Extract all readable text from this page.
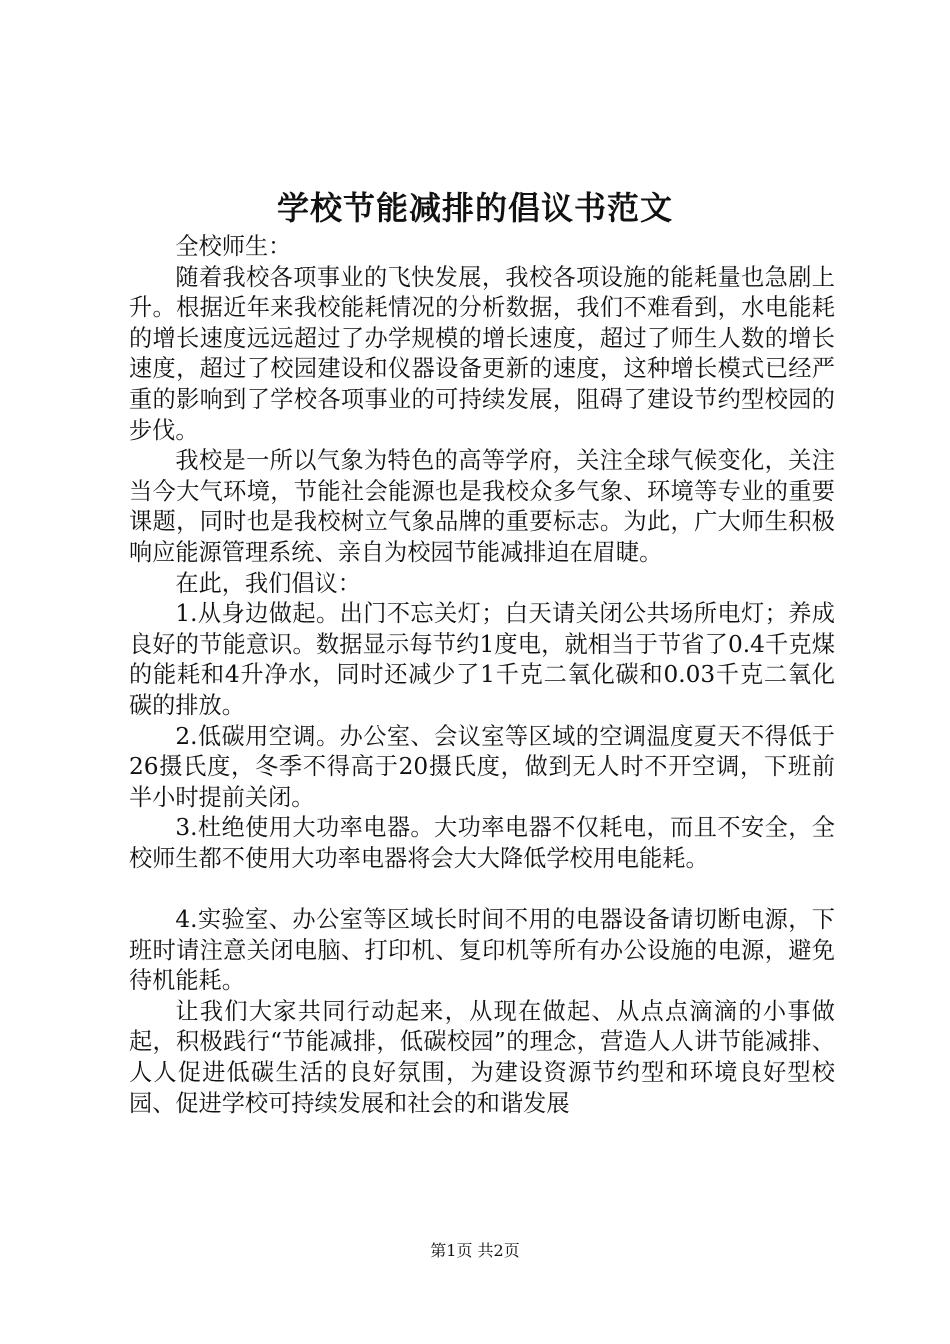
学校节能减排的倡议书范文

全校师生：

随着我校各项事业的飞快发展，我校各项设施的能耗量也急剧上升。根据近年来我校能耗情况的分析数据，我们不难看到，水电能耗的增长速度远远超过了办学规模的增长速度，超过了师生人数的增长速度，超过了校园建设和仪器设备更新的速度，这种增长模式已经严重的影响到了学校各项事业的可持续发展，阻碍了建设节约型校园的步伐。

我校是一所以气象为特色的高等学府，关注全球气候变化，关注当今大气环境，节能社会能源也是我校众多气象、环境等专业的重要课题，同时也是我校树立气象品牌的重要标志。为此，广大师生积极响应能源管理系统、亲自为校园节能减排迫在眉睫。

在此，我们倡议：

1.从身边做起。出门不忘关灯；白天请关闭公共场所电灯；养成良好的节能意识。数据显示每节约1度电，就相当于节省了0.4千克煤的能耗和4升净水，同时还减少了1千克二氧化碳和0.03千克二氧化碳的排放。

2.低碳用空调。办公室、会议室等区域的空调温度夏天不得低于26摄氏度，冬季不得高于20摄氏度，做到无人时不开空调，下班前半小时提前关闭。

3.杜绝使用大功率电器。大功率电器不仅耗电，而且不安全，全校师生都不使用大功率电器将会大大降低学校用电能耗。

4.实验室、办公室等区域长时间不用的电器设备请切断电源，下班时请注意关闭电脑、打印机、复印机等所有办公设施的电源，避免待机能耗。

让我们大家共同行动起来，从现在做起、从点点滴滴的小事做起，积极践行“节能减排，低碳校园”的理念，营造人人讲节能减排、人人促进低碳生活的良好氛围，为建设资源节约型和环境良好型校园、促进学校可持续发展和社会的和谐发展

第1页 共2页
